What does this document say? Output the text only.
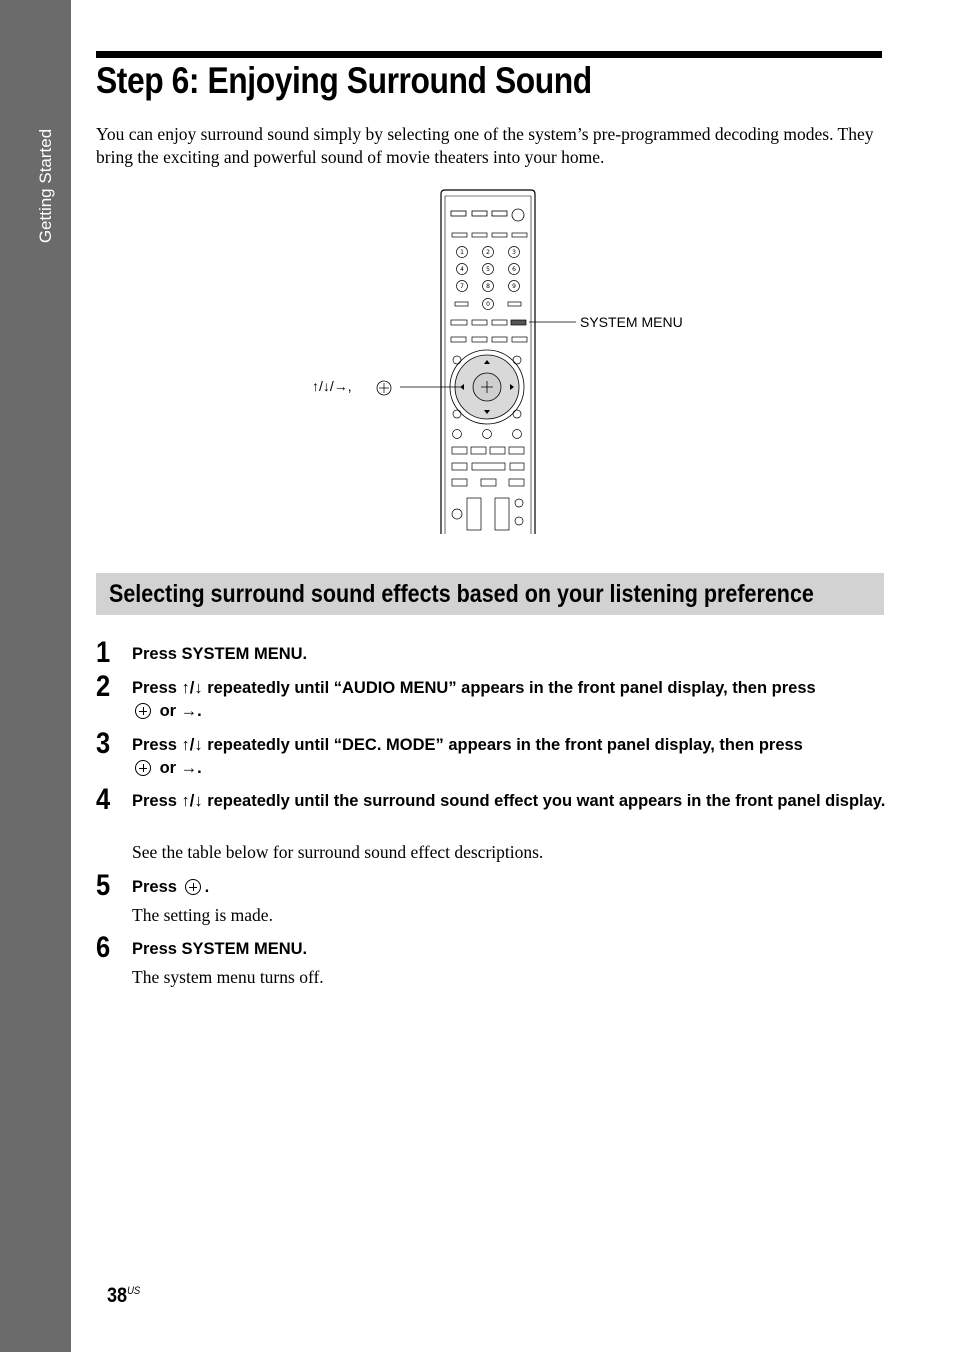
Getting Started
Step 6: Enjoying Surround Sound

You can enjoy surround sound simply by selecting one of the system’s pre-programmed decoding modes. They bring the exciting and powerful sound of movie theaters into your home.

1	2	3
4	5	6
7	8	9
0
SYSTEM MENU
↑/↓/→,
Selecting surround sound effects based on your listening preference
1 Press SYSTEM MENU.
2 Press ↑/↓ repeatedly until “AUDIO MENU” appears in the front panel display, then press
or →.
3 Press ↑/↓ repeatedly until “DEC. MODE” appears in the front panel display, then press
or →.
4 Press ↑/↓ repeatedly until the surround sound effect you want appears in the front panel display.
See the table below for surround sound effect descriptions.
5 Press .
The setting is made.
6 Press SYSTEM MENU.
The system menu turns off.
$38^{US}$
